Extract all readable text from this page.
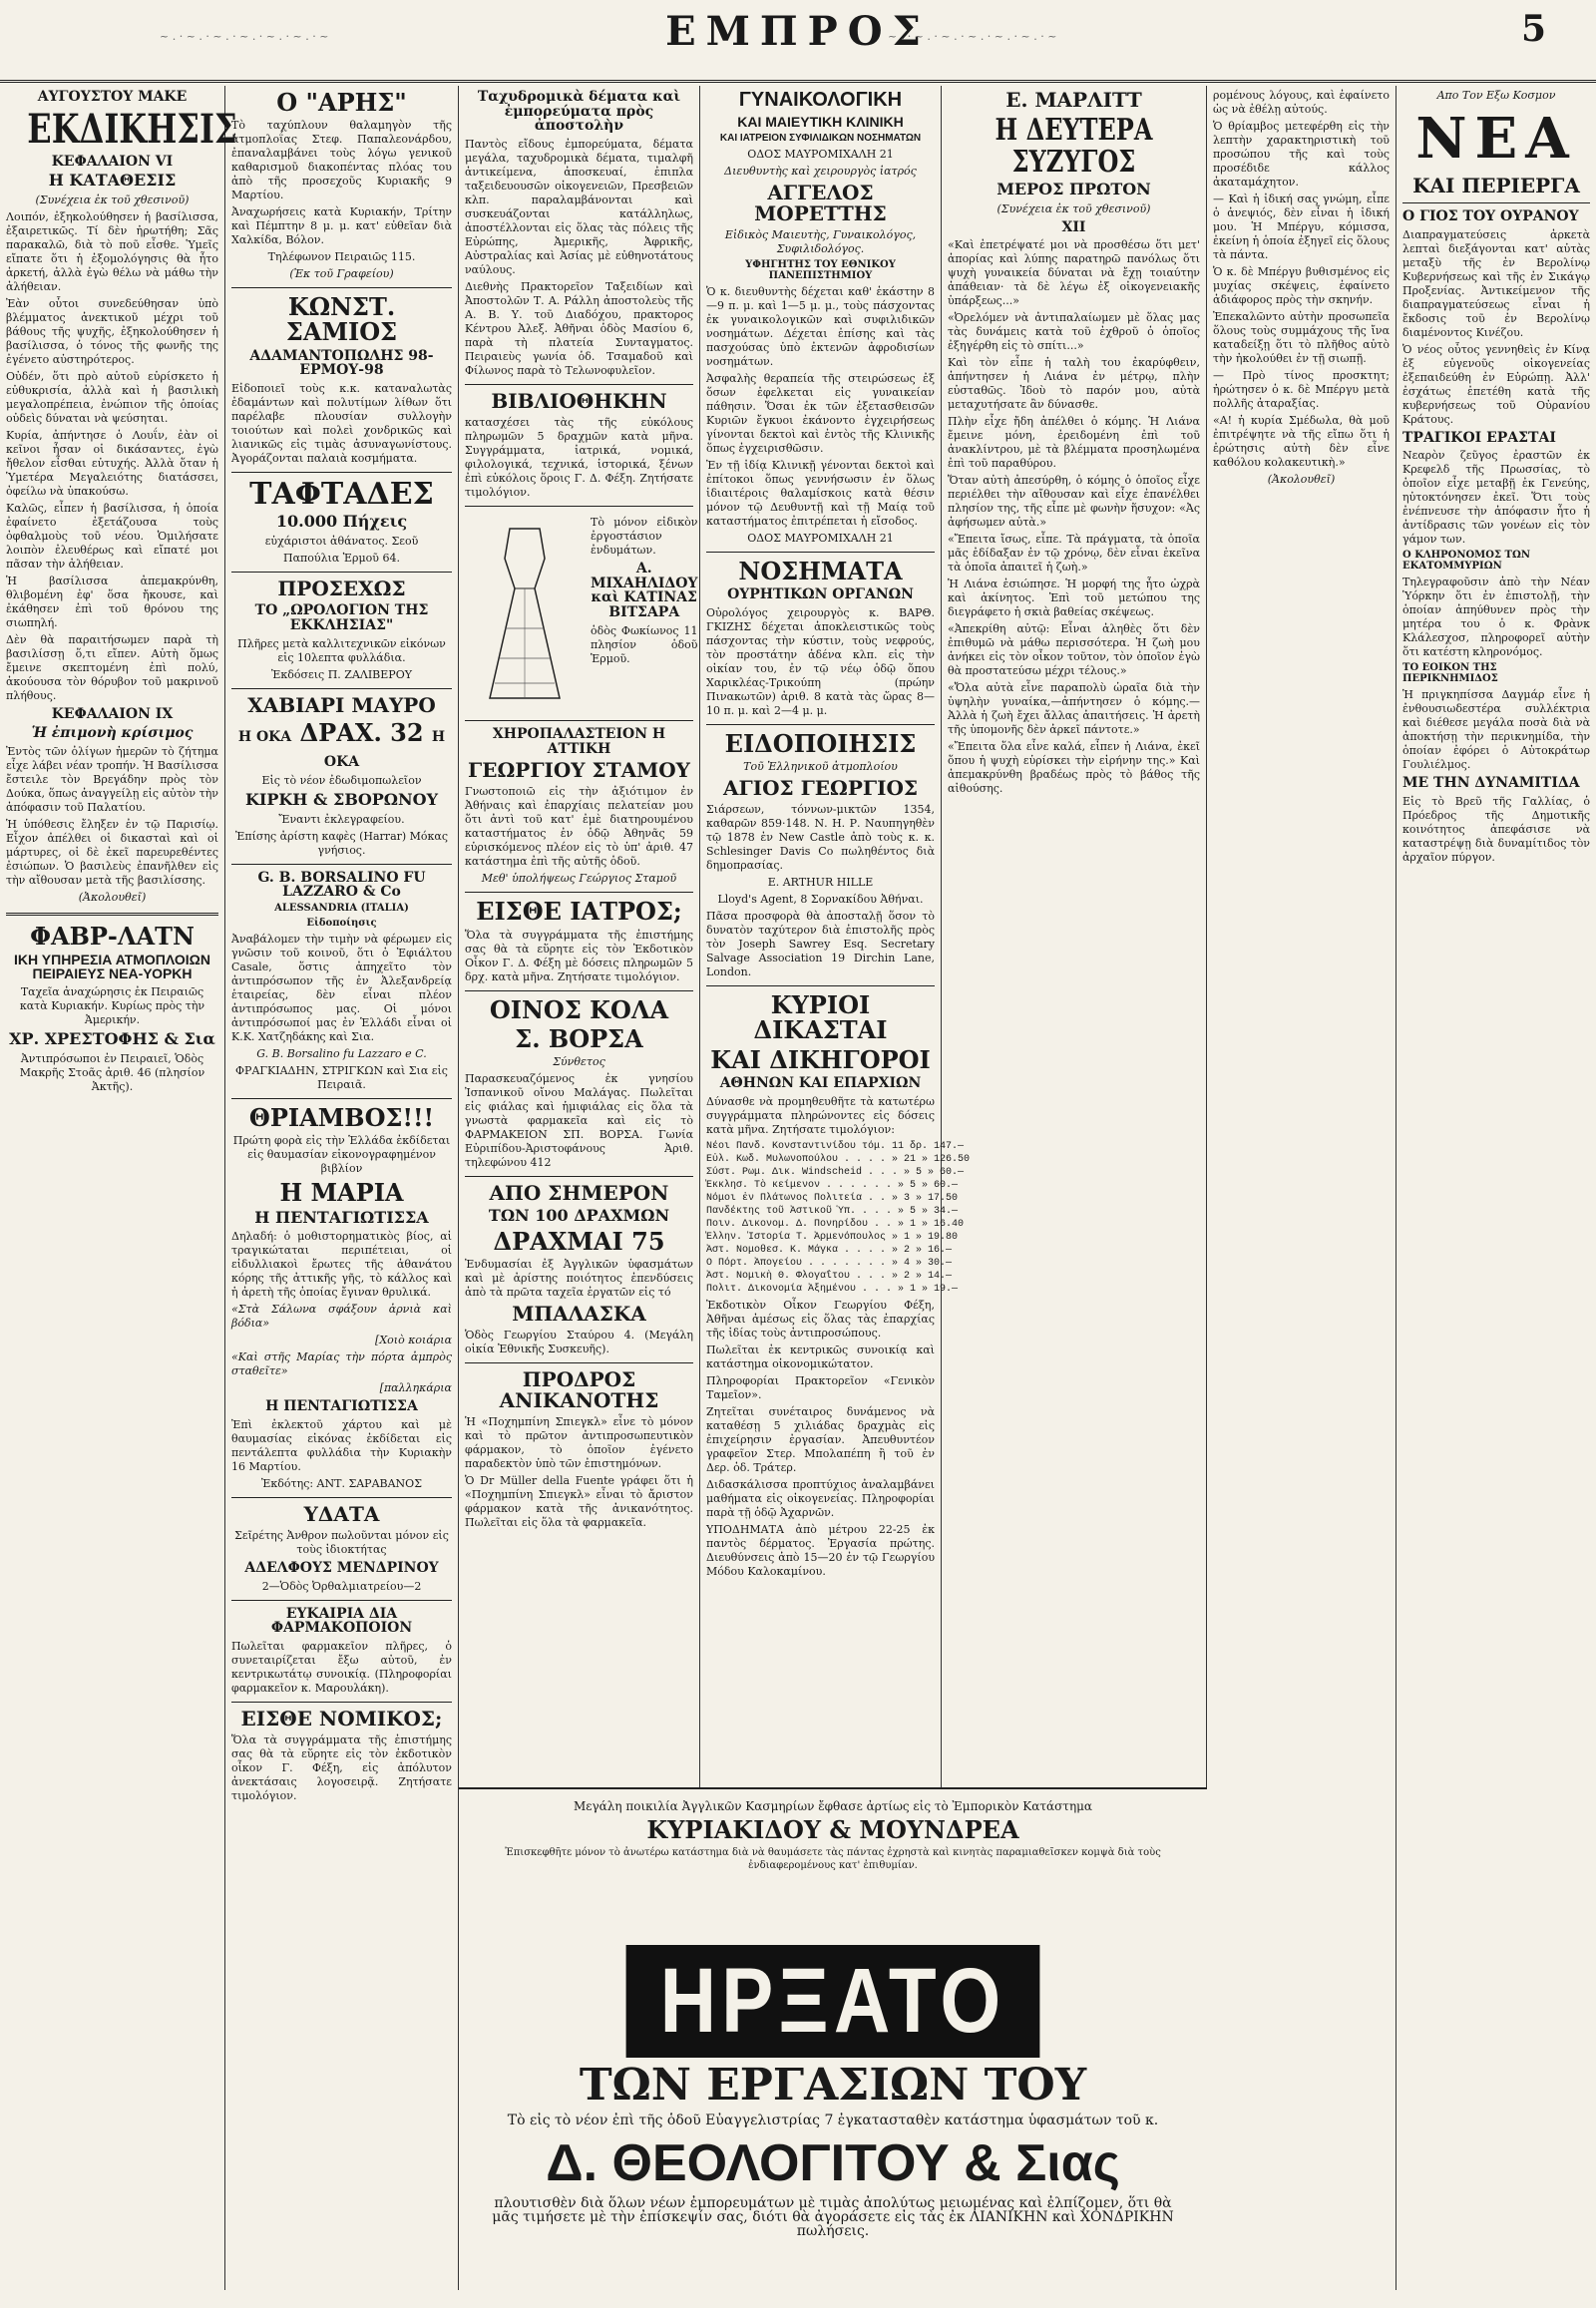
~ . · ~ . · ~ . · ~ . · ~ . · ~ . · ~	ΕΜΠΡΟΣ
~ . · ~ . · ~ . · ~ . · ~ . · ~ . · ~	5
ΑΥΓΟΥΣΤΟΥ ΜΑΚΕ
ΕΚΔΙΚΗΣΙΣ
ΚΕΦΑΛΑΙΟΝ VI
Η ΚΑΤΑΘΕΣΙΣ

(Συνέχεια ἐκ τοῦ χθεσινοῦ)

Λοιπόν, ἐξηκολούθησεν ἡ βασίλισσα, ἐξαιρετικῶς. Τί δὲν ἠρωτήθη; Σᾶς παρακαλῶ, διὰ τὸ ποῦ εἶσθε. Ὑμεῖς εἴπατε ὅτι ἡ ἐξομολόγησις θὰ ἦτο ἀρκετή, ἀλλὰ ἐγὼ θέλω νὰ μάθω τὴν ἀλήθειαν.

Ἐὰν οὗτοι συνεδεύθησαν ὑπὸ βλέμματος ἀνεκτικοῦ μέχρι τοῦ βάθους τῆς ψυχῆς, ἐξηκολούθησεν ἡ βασίλισσα, ὁ τόνος τῆς φωνῆς της ἐγένετο αὐστηρότερος.

Οὐδέν, ὅτι πρὸ αὐτοῦ εὑρίσκετο ἡ εὐθυκρισία, ἀλλὰ καὶ ἡ βασιλικὴ μεγαλοπρέπεια, ἐνώπιον τῆς ὁποίας οὐδεὶς δύναται νὰ ψεύσηται.

Κυρία, ἀπήντησε ὁ Λουΐν, ἐὰν οἱ κεῖνοι ἦσαν οἱ δικάσαντες, ἐγὼ ἤθελον εἶσθαι εὐτυχής. Ἀλλὰ ὅταν ἡ Ὑμετέρα Μεγαλειότης διατάσσει, ὀφείλω νὰ ὑπακούσω.

Καλῶς, εἶπεν ἡ βασίλισσα, ἡ ὁποία ἐφαίνετο ἐξετάζουσα τοὺς ὀφθαλμοὺς τοῦ νέου. Ὁμιλήσατε λοιπὸν ἐλευθέρως καὶ εἴπατέ μοι πᾶσαν τὴν ἀλήθειαν.

Ἡ βασίλισσα ἀπεμακρύνθη, θλιβομένη ἐφ' ὅσα ἤκουσε, καὶ ἐκάθησεν ἐπὶ τοῦ θρόνου της σιωπηλή.

Δὲν θὰ παραιτήσωμεν παρὰ τὴ βασιλίσσῃ ὅ,τι εἴπεν. Αὐτὴ ὅμως ἔμεινε σκεπτομένη ἐπὶ πολύ, ἀκούουσα τὸν θόρυβον τοῦ μακρινοῦ πλήθους.

ΚΕΦΑΛΑΙΟΝ IX
Ἡ ἐπιμονὴ κρίσιμος

Ἐντὸς τῶν ὀλίγων ἡμερῶν τὸ ζήτημα εἶχε λάβει νέαν τροπήν. Ἡ Βασίλισσα ἔστειλε τὸν Βρεγάδην πρὸς τὸν Δούκα, ὅπως ἀναγγείλῃ εἰς αὐτὸν τὴν ἀπόφασιν τοῦ Παλατίου.

Ἡ ὑπόθεσις ἔληξεν ἐν τῷ Παρισίῳ. Εἶχον ἀπέλθει οἱ δικασταὶ καὶ οἱ μάρτυρες, οἱ δὲ ἐκεῖ παρευρεθέντες ἐσιώπων. Ὁ βασιλεὺς ἐπανῆλθεν εἰς τὴν αἴθουσαν μετὰ τῆς βασιλίσσης.

(Ἀκολουθεῖ)

ΦΑΒΡ-ΛΑΤΝ
ΙΚΗ ΥΠΗΡΕΣΙΑ ΑΤΜΟΠΛΟΙΩΝ ΠΕΙΡΑΙΕΥΣ ΝΕΑ-ΥΟΡΚΗ

Ταχεῖα ἀναχώρησις ἐκ Πειραιῶς κατὰ Κυριακήν. Κυρίως πρὸς τὴν Ἀμερικήν.

ΧΡ. ΧΡΕΣΤΟΦΗΣ & Σια

Ἀντιπρόσωποι ἐν Πειραιεῖ, Ὁδὸς Μακρῆς Στοᾶς ἀριθ. 46 (πλησίον Ἀκτῆς).

Ο "ΑΡΗΣ"

Τὸ ταχύπλουν θαλαμηγὸν τῆς ἀτμοπλοΐας Στεφ. Παπαλεονάρδου, ἐπαναλαμβάνει τοὺς λόγω γενικοῦ καθαρισμοῦ διακοπέντας πλόας του ἀπὸ τῆς προσεχοῦς Κυριακῆς 9 Μαρτίου.

Ἀναχωρήσεις κατὰ Κυριακήν, Τρίτην καὶ Πέμπτην 8 μ. μ. κατ' εὐθεῖαν διὰ Χαλκίδα, Βόλον.

Τηλέφωνον Πειραιῶς 115.

(Ἐκ τοῦ Γραφείου)

ΚΩΝΣΤ. ΣΑΜΙΟΣ
ΑΔΑΜΑΝΤΟΠΩΛΗΣ 98-ΕΡΜΟΥ-98

Εἰδοποιεῖ τοὺς κ.κ. καταναλωτὰς ἐδαμάντων καὶ πολυτίμων λίθων ὅτι παρέλαβε πλουσίαν συλλογὴν τοιούτων καὶ πολεὶ χονδρικῶς καὶ λιανικῶς εἰς τιμὰς ἀσυναγωνίστους. Ἀγοράζονται παλαιὰ κοσμήματα.

ΤΑΦΤΑΔΕΣ
10.000 Πήχεις

εὐχάριστοι ἀθάνατος. Σεοῦ

Παπούλια Ἑρμοῦ 64.

ΠΡΟΣΕΧΩΣ
ΤΟ „ΩΡΟΛΟΓΙΟΝ ΤΗΣ ΕΚΚΛΗΣΙΑΣ"

Πλῆρες μετὰ καλλιτεχνικῶν εἰκόνων εἰς 10λεπτα φυλλάδια.

Ἐκδόσεις Π. ΖΑΛΙΒΕΡΟΥ

ΧΑΒΙΑΡΙ ΜΑΥΡΟ
Η ΟΚΑ ΔΡΑΧ. 32 Η ΟΚΑ

Εἰς τὸ νέον ἐδωδιμοπωλεῖον

ΚΙΡΚΗ & ΣΒΟΡΩΝΟΥ

Ἔναντι ἐκλεγραφείου.

Ἐπίσης ἀρίστη καφὲς (Harrar) Μόκας γνήσιος.

G. B. BORSALINO FU LAZZARO & Co
ALESSANDRIA (ITALIA)
Εἰδοποίησις

Ἀναβάλομεν τὴν τιμὴν νὰ φέρωμεν εἰς γνῶσιν τοῦ κοινοῦ, ὅτι ὁ Ἐφιάλτου Casale, ὅστις ἀπηχεῖτο τὸν ἀντιπρόσωπον τῆς ἐν Ἀλεξανδρείᾳ ἑταιρείας, δὲν εἶναι πλέον ἀντιπρόσωπος μας. Οἱ μόνοι ἀντιπρόσωποί μας ἐν Ἑλλάδι εἶναι οἱ Κ.Κ. Χατζηδάκης καὶ Σια.

G. B. Borsalino fu Lazzaro e C.

ΦΡΑΓΚΙΑΔΗΝ, ΣΤΡΙΓΚΩΝ καὶ Σια εἰς Πειραιᾶ.

ΘΡΙΑΜΒΟΣ!!!

Πρώτη φορὰ εἰς τὴν Ἑλλάδα ἐκδίδεται εἰς θαυμασίαν εἰκονογραφημένον βιβλίον

Η ΜΑΡΙΑ
Η ΠΕΝΤΑΓΙΩΤΙΣΣΑ

Δηλαδή: ὁ μοθιστορηματικὸς βίος, αἱ τραγικώταται περιπέτειαι, οἱ εἰδυλλιακοὶ ἔρωτες τῆς ἀθανάτου κόρης τῆς ἀττικῆς γῆς, τὸ κάλλος καὶ ἡ ἀρετὴ τῆς ὁποίας ἔγιναν θρυλικά.

«Στὰ Σάλωνα σφάξουν ἀρνιὰ καὶ βόδια»

[Χοιὸ κοιάρια

«Καὶ στῆς Μαρίας τὴν πόρτα ἀμπρὸς σταθεῖτε»

[παλληκάρια

Η ΠΕΝΤΑΓΙΩΤΙΣΣΑ

Ἐπὶ ἐκλεκτοῦ χάρτου καὶ μὲ θαυμασίας εἰκόνας ἐκδίδεται εἰς πεντάλεπτα φυλλάδια τὴν Κυριακὴν 16 Μαρτίου.

Ἐκδότης: ΑΝΤ. ΣΑΡΑΒΑΝΟΣ

ΥΔΑΤΑ

Σεῖρέτης Ἀνθρον πωλοῦνται μόνον εἰς τοὺς ἰδιοκτήτας

ΑΔΕΛΦΟΥΣ ΜΕΝΔΡΙΝΟΥ

2—Ὁδὸς Ὀρθαλμιατρείου—2

ΕΥΚΑΙΡΙΑ ΔΙΑ ΦΑΡΜΑΚΟΠΟΙΟΝ

Πωλεῖται φαρμακεῖον πλῆρες, ὁ συνεταιρίζεται ἔξω αὐτοῦ, ἐν κεντρικωτάτῳ συνοικίᾳ. (Πληροφορίαι φαρμακεῖον κ. Μαρουλάκη).

ΕΙΣΘΕ ΝΟΜΙΚΟΣ;

Ὅλα τὰ συγγράμματα τῆς ἐπιστήμης σας θὰ τὰ εὕρητε εἰς τὸν ἐκδοτικὸν οἶκον Γ. Φέξη, εἰς ἀπόλυτον ἀνεκτάσαις λογοσειρᾷ. Ζητήσατε τιμολόγιον.

Ταχυδρομικὰ δέματα καὶ ἐμπορεύματα πρὸς ἀποστολὴν

Παντὸς εἴδους ἐμπορεύματα, δέματα μεγάλα, ταχυδρομικὰ δέματα, τιμαλφῆ ἀντικείμενα, ἀποσκευαί, ἐπιπλα ταξειδευουσῶν οἰκογενειῶν, Πρεσβειῶν κλπ. παραλαμβάνονται καὶ συσκευάζονται κατάλληλως, ἀποστέλλονται εἰς ὅλας τὰς πόλεις τῆς Εὐρώπης, Ἀμερικῆς, Ἀφρικῆς, Αὐστραλίας καὶ Ἀσίας μὲ εὐθηνοτάτους ναύλους.

Διεθνὴς Πρακτορεῖον Ταξειδίων καὶ Ἀποστολῶν Τ. Α. Ράλλη ἀποστολεὺς τῆς Α. Β. Υ. τοῦ Διαδόχου, πρακτορος Κέντρου Ἀλεξ. Ἀθῆναι ὁδὸς Μασίου 6, παρὰ τὴ πλατεία Συνταγματος. Πειραιεὺς γωνία ὁδ. Τσαμαδοῦ καὶ Φίλωνος παρὰ τὸ Τελωνοφυλεῖον.

ΒΙΒΛΙΟΘΗΚΗΝ

κατασχέσει τὰς τῆς εὐκόλους πληρωμῶν 5 δραχμῶν κατὰ μῆνα. Συγγράμματα, ἰατρικά, νομικά, φιλολογικά, τεχνικά, ἱστορικά, ξένων ἐπὶ εὐκόλοις ὅροις Γ. Δ. Φέξη. Ζητήσατε τιμολόγιον.

Τὸ μόνον εἰδικὸν ἐργοστάσιον ἐνδυμάτων.

Α. ΜΙΧΑΗΛΙΔΟΥ καὶ ΚΑΤΙΝΑΣ ΒΙΤΣΑΡΑ

ὁδὸς Φωκίωνος 11 πλησίον ὁδοῦ Ἑρμοῦ.

ΧΗΡΟΠΑΛΑΣΤΕΙΟΝ Η ΑΤΤΙΚΗ
ΓΕΩΡΓΙΟΥ ΣΤΑΜΟΥ

Γνωστοποιῶ εἰς τὴν ἀξιότιμον ἐν Ἀθήναις καὶ ἐπαρχίαις πελατείαν μου ὅτι ἀντὶ τοῦ κατ' ἐμὲ διατηρουμένου καταστήματος ἐν ὁδῷ Ἀθηνᾶς 59 εὑρισκόμενος πλέον εἰς τὸ ὑπ' ἀριθ. 47 κατάστημα ἐπὶ τῆς αὐτῆς ὁδοῦ.

Μεθ' ὑπολήψεως Γεώργιος Σταμοῦ

ΕΙΣΘΕ ΙΑΤΡΟΣ;

Ὅλα τὰ συγγράμματα τῆς ἐπιστήμης σας θὰ τὰ εὕρητε εἰς τὸν Ἐκδοτικὸν Οἶκον Γ. Δ. Φέξη μὲ δόσεις πληρωμῶν 5 δρχ. κατὰ μῆνα. Ζητήσατε τιμολόγιον.

ΟΙΝΟΣ ΚΟΛΑ
Σ. ΒΟΡΣΑ

Σύνθετος

Παρασκευαζόμενος ἐκ γνησίου Ἰσπανικοῦ οἴνου Μαλάγας. Πωλεῖται εἰς φιάλας καὶ ἡμιφιάλας εἰς ὅλα τὰ γνωστὰ φαρμακεῖα καὶ εἰς τὸ ΦΑΡΜΑΚΕΙΟΝ ΣΠ. ΒΟΡΣΑ. Γωνία Εὐριπίδου-Ἀριστοφάνους Ἀριθ. τηλεφώνου 412

ΑΠΟ ΣΗΜΕΡΟΝ
ΤΩΝ 100 ΔΡΑΧΜΩΝ
ΔΡΑΧΜΑΙ 75

Ἐνδυμασίαι ἐξ Ἀγγλικῶν ὑφασμάτων καὶ μὲ ἀρίστης ποιότητος ἐπενδύσεις ἀπὸ τὰ πρῶτα ταχεῖα ἐργατῶν εἰς τό

ΜΠΑΛΑΣΚΑ

Ὁδὸς Γεωργίου Σταύρου 4. (Μεγάλη οἰκία Ἐθνικῆς Συσκευῆς).

ΠΡΟΔΡΟΣ ΑΝΙΚΑΝΟΤΗΣ

Ἡ «Ποχημπίνη Σπιεγκλ» εἶνε τὸ μόνον καὶ τὸ πρῶτον ἀντιπροσωπευτικὸν φάρμακον, τὸ ὁποῖον ἐγένετο παραδεκτὸν ὑπὸ τῶν ἐπιστημόνων.

Ὁ Dr Müller della Fuente γράφει ὅτι ἡ «Ποχημπίνη Σπιεγκλ» εἶναι τὸ ἄριστον φάρμακον κατὰ τῆς ἀνικανότητος. Πωλεῖται εἰς ὅλα τὰ φαρμακεῖα.

ΓΥΝΑΙΚΟΛΟΓΙΚΗ
ΚΑΙ ΜΑΙΕΥΤΙΚΗ ΚΛΙΝΙΚΗ
ΚΑΙ ΙΑΤΡΕΙΟΝ ΣΥΦΙΛΙΔΙΚΩΝ ΝΟΣΗΜΑΤΩΝ

ΟΔΟΣ ΜΑΥΡΟΜΙΧΑΛΗ 21

Διευθυντὴς καὶ χειρουργὸς ἰατρός

ΑΓΓΕΛΟΣ ΜΟΡΕΤΤΗΣ

Εἰδικὸς Μαιευτὴς, Γυναικολόγος, Συφιλιδολόγος.

ΥΦΗΓΗΤΗΣ ΤΟΥ ΕΘΝΙΚΟΥ ΠΑΝΕΠΙΣΤΗΜΙΟΥ

Ὁ κ. διευθυντὴς δέχεται καθ' ἑκάστην 8—9 π. μ. καὶ 1—5 μ. μ., τοὺς πάσχοντας ἐκ γυναικολογικῶν καὶ συφιλιδικῶν νοσημάτων. Δέχεται ἐπίσης καὶ τὰς πασχούσας ὑπὸ ἐκτενῶν ἀφροδισίων νοσημάτων.

Ἀσφαλὴς θεραπεία τῆς στειρώσεως ἐξ ὅσων ἐφελκεται εἰς γυναικείαν πάθησιν. Ὅσαι ἐκ τῶν ἐξετασθεισῶν Κυριῶν ἔγκυοι ἐκάνοντο ἐγχειρήσεως γίνονται δεκτοὶ καὶ ἐντὸς τῆς Κλινικῆς ὅπως ἐγχειρισθῶσιν.

Ἐν τῇ ἰδίᾳ Κλινικῇ γένονται δεκτοὶ καὶ ἐπίτοκοι ὅπως γεννήσωσιν ἐν ὅλως ἰδιαιτέροις θαλαμίσκοις κατὰ θέσιν μόνον τῷ Δευθυντῇ καὶ τῇ Μαίᾳ τοῦ καταστήματος ἐπιτρέπεται ἡ εἴσοδος.

ΟΔΟΣ ΜΑΥΡΟΜΙΧΑΛΗ 21

ΝΟΣΗΜΑΤΑ
ΟΥΡΗΤΙΚΩΝ ΟΡΓΑΝΩΝ

Οὐρολόγος χειρουργὸς κ. ΒΑΡΘ. ΓΚΙΖΗΣ δέχεται ἀποκλειστικῶς τοὺς πάσχοντας τὴν κύστιν, τοὺς νεφρούς, τὸν προστάτην ἀδένα κλπ. εἰς τὴν οἰκίαν του, ἐν τῷ νέῳ ὁδῷ ὅπου Χαρικλέας-Τρικούπη (πρώην Πινακωτῶν) ἀριθ. 8 κατὰ τὰς ὥρας 8—10 π. μ. καὶ 2—4 μ. μ.

ΕΙΔΟΠΟΙΗΣΙΣ

Τοῦ Ἑλληνικοῦ ἀτμοπλοίου

ΑΓΙΟΣ ΓΕΩΡΓΙΟΣ

Σιάρσεων, τόννων-μικτῶν 1354, καθαρῶν 859·148. Ν. Η. Ρ. Ναυπηγηθὲν τῷ 1878 ἐν New Castle ἀπὸ τοὺς κ. κ. Schlesinger Davis Co πωληθέντος διὰ δημοπρασίας.

E. ARTHUR HILLE

Lloyd's Agent, 8 Σορνακίδου Ἀθήναι.

Πᾶσα προσφορὰ θὰ ἀποσταλῇ ὅσον τὸ δυνατὸν ταχύτερον διὰ ἐπιστολῆς πρὸς τὸν Joseph Sawrey Esq. Secretary Salvage Association 19 Dirchin Lane, London.

ΚΥΡΙΟΙ ΔΙΚΑΣΤΑΙ
ΚΑΙ ΔΙΚΗΓΟΡΟΙ
ΑΘΗΝΩΝ ΚΑΙ ΕΠΑΡΧΙΩΝ

Δύνασθε νὰ προμηθευθῆτε τὰ κατωτέρω συγγράμματα πληρώνοντες εἰς δόσεις κατὰ μῆνα. Ζητήσατε τιμολόγιον:

Νέοι Πανδ. Κονσταντινίδου τόμ. 11 δρ. 147.—
Εὐλ. Κωδ. Μυλωνοπούλου . . . . » 21 » 126.50
Σύστ. Ρωμ. Δικ. Windscheid . . . » 5 » 60.—
Ἐκκλησ. Τὸ κείμενον . . . . . . » 5 » 60.—
Νόμοι ἐν Πλάτωνος Πολιτεία . . » 3 » 17.50
Πανδέκτης τοῦ Ἀστικοῦ Ὑπ. . . . » 5 » 34.—
Ποιν. Δικονομ. Δ. Πονηρίδου . . » 1 » 16.40
Ἐλλην. Ἰστορία Τ. Ἀρμενόπουλος » 1 » 19.80
Ἀστ. Νομοθεσ. Κ. Μάγκα . . . . » 2 » 16.—
Ο Πόρτ. Ἀπογείου . . . . . . . » 4 » 30.—
Ἀστ. Νομικὴ Θ. Φλογαΐτου . . . » 2 » 14.—
Πολιτ. Δικονομία Ἀξημένου . . . » 1 » 19.—

Ἐκδοτικὸν Οἶκον Γεωργίου Φέξη, Ἀθῆναι ἀμέσως εἰς ὅλας τὰς ἐπαρχίας τῆς ἰδίας τοὺς ἀντιπροσώπους.

Πωλεῖται ἐκ κεντρικῶς συνοικίᾳ καὶ κατάστημα οἰκονομικώτατον.

Πληροφορίαι Πρακτορεῖον «Γενικὸν Ταμεῖον».

Ζητεῖται συνέταιρος δυνάμενος νὰ καταθέσῃ 5 χιλιάδας δραχμὰς εἰς ἐπιχείρησιν ἐργασίαν. Ἀπευθυντέον γραφεῖον Στερ. Μπολαπέπη ἢ τοῦ ἐν Δερ. ὁδ. Τράτερ.

Διδασκάλισσα προπτύχιος ἀναλαμβάνει μαθήματα εἰς οἰκογενείας. Πληροφορίαι παρὰ τῇ ὁδῷ Ἀχαρνῶν.

ΥΠΟΔΗΜΑΤΑ ἀπὸ μέτρου 22-25 ἐκ παντὸς δέρματος. Ἐργασία πρώτης. Διευθύνσεις ἀπὸ 15—20 ἐν τῷ Γεωργίου Μόδου Καλοκαμίνου.

Ε. ΜΑΡΛΙΤΤ
Η ΔΕΥΤΕΡΑ ΣΥΖΥΓΟΣ
ΜΕΡΟΣ ΠΡΩΤΟΝ

(Συνέχεια ἐκ τοῦ χθεσινοῦ)

XII

«Καὶ ἐπετρέψατέ μοι νὰ προσθέσω ὅτι μετ' ἀπορίας καὶ λύπης παρατηρῶ πανόλως ὅτι ψυχὴ γυναικεία δύναται νὰ ἔχῃ τοιαύτην ἀπάθειαν· τὰ δὲ λέγω ἐξ οἰκογενειακῆς ὑπάρξεως...»

«Ὀρελόμεν νὰ ἀντιπαλαίωμεν μὲ ὅλας μας τὰς δυνάμεις κατὰ τοῦ ἐχθροῦ ὁ ὁποῖος ἐξηγέρθη εἰς τὸ σπίτι...»

Καὶ τὸν εἶπε ἡ ταλὴ του ἐκαρύφθειν, ἀπήντησεν ἡ Λιάνα ἐν μέτρῳ, πλὴν εὐσταθῶς. Ἰδοὺ τὸ παρόν μου, αὐτὰ μεταχυτήσατε ἂν δύνασθε.

Πλὴν εἶχε ἤδη ἀπέλθει ὁ κόμης. Ἡ Λιάνα ἔμεινε μόνη, ἐρειδομένη ἐπὶ τοῦ ἀνακλίντρου, μὲ τὰ βλέμματα προσηλωμένα ἐπὶ τοῦ παραθύρου.

Ὅταν αὐτὴ ἀπεσύρθη, ὁ κόμης ὁ ὁποῖος εἶχε περιέλθει τὴν αἴθουσαν καὶ εἶχε ἐπανέλθει πλησίον της, τῆς εἶπε μὲ φωνὴν ἥσυχον: «Ἀς ἀφήσωμεν αὐτὰ.»

«Ἔπειτα ἴσως, εἶπε. Τὰ πράγματα, τὰ ὁποῖα μᾶς ἐδίδαξαν ἐν τῷ χρόνῳ, δὲν εἶναι ἐκεῖνα τὰ ὁποῖα ἀπαιτεῖ ἡ ζωὴ.»

Ἡ Λιάνα ἐσιώπησε. Ἡ μορφή της ἦτο ὠχρὰ καὶ ἀκίνητος. Ἐπὶ τοῦ μετώπου της διεγράφετο ἡ σκιὰ βαθείας σκέψεως.

«Ἀπεκρίθη αὐτῷ: Εἶναι ἀληθὲς ὅτι δὲν ἐπιθυμῶ νὰ μάθω περισσότερα. Ἡ ζωὴ μου ἀνήκει εἰς τὸν οἶκον τοῦτον, τὸν ὁποῖον ἐγὼ θὰ προστατεύσω μέχρι τέλους.»

«Ὄλα αὐτὰ εἶνε παραπολὺ ὡραῖα διὰ τὴν ὑψηλὴν γυναίκα,—ἀπήντησεν ὁ κόμης.—Ἀλλὰ ἡ ζωὴ ἔχει ἄλλας ἀπαιτήσεις. Ἡ ἀρετὴ τῆς ὑπομονῆς δὲν ἀρκεῖ πάντοτε.»

«Ἔπειτα ὅλα εἶνε καλά, εἶπεν ἡ Λιάνα, ἐκεῖ ὅπου ἡ ψυχὴ εὑρίσκει τὴν εἰρήνην της.» Καὶ ἀπεμακρύνθη βραδέως πρὸς τὸ βάθος τῆς αἰθούσης.

ρομένους λόγους, καὶ ἐφαίνετο ὡς νὰ ἐθέλῃ αὐτούς.

Ὁ θρίαμβος μετεφέρθη εἰς τὴν λεπτὴν χαρακτηριστικὴ τοῦ προσώπου τῆς καὶ τοὺς προσέδιδε κάλλος ἀκαταμάχητον.

— Καὶ ἡ ἰδική σας γνώμη, εἶπε ὁ ἀνεψιός, δὲν εἶναι ἡ ἰδική μου. Ἡ Μπέργυ, κόμισσα, ἐκείνη ἡ ὁποία ἐξηγεῖ εἰς ὅλους τὰ πάντα.

Ὁ κ. δὲ Μπέργυ βυθισμένος εἰς μυχίας σκέψεις, ἐφαίνετο ἀδιάφορος πρὸς τὴν σκηνήν.

Ἐπεκαλῶντο αὐτὴν προσωπεῖα ὅλους τοὺς συμμάχους τῆς ἴνα καταδείξῃ ὅτι τὸ πλῆθος αὐτὸ τὴν ἠκολούθει ἐν τῇ σιωπῇ.

— Πρὸ τίνος προσκτητ; ἠρώτησεν ὁ κ. δὲ Μπέργυ μετὰ πολλῆς ἀταραξίας.

«Α! ἡ κυρία Σμέδωλα, θὰ μοῦ ἐπιτρέψητε νὰ τῆς εἴπω ὅτι ἡ ἐρώτησις αὐτὴ δὲν εἶνε καθόλου κολακευτικὴ.»

(Ἀκολουθεῖ)

Απο Τον Εξω Κοσμον

ΝΕΑ
ΚΑΙ ΠΕΡΙΕΡΓΑ
Ο ΓΙΟΣ ΤΟΥ ΟΥΡΑΝΟΥ

Διαπραγματεύσεις ἀρκετὰ λεπταὶ διεξάγονται κατ' αὐτὰς μεταξὺ τῆς ἐν Βερολίνῳ Κυβερνήσεως καὶ τῆς ἐν Σικάγῳ Προξενίας. Ἀντικείμενον τῆς διαπραγματεύσεως εἶναι ἡ ἔκδοσις τοῦ ἐν Βερολίνῳ διαμένοντος Κινέζου.

Ὁ νέος οὗτος γεννηθεὶς ἐν Κίνᾳ ἐξ εὐγενοῦς οἰκογενείας ἐξεπαιδεύθη ἐν Εὐρώπῃ. Ἀλλ' ἐσχάτως ἐπετέθη κατὰ τῆς κυβερνήσεως τοῦ Οὐρανίου Κράτους.

ΤΡΑΓΙΚΟΙ ΕΡΑΣΤΑΙ

Νεαρὸν ζεῦγος ἐραστῶν ἐκ Κρεφελδ τῆς Πρωσσίας, τὸ ὁποῖον εἶχε μεταβῇ ἐκ Γενεύης, ηὐτοκτόνησεν ἐκεῖ. Ὅτι τοὺς ἐνέπνευσε τὴν ἀπόφασιν ἦτο ἡ ἀντίδρασις τῶν γονέων εἰς τὸν γάμον των.

Ο ΚΛΗΡΟΝΟΜΟΣ ΤΩΝ ΕΚΑΤΟΜΜΥΡΙΩΝ

Τηλεγραφοῦσιν ἀπὸ τὴν Νέαν Ὑόρκην ὅτι ἐν ἐπιστολῇ, τὴν ὁποίαν ἀπηύθυνεν πρὸς τὴν μητέρα του ὁ κ. Φρὰνκ Κλάλεσχοσ, πληροφορεῖ αὐτὴν ὅτι κατέστη κληρονόμος.

ΤΟ ΕΟΙΚΟΝ ΤΗΣ ΠΕΡΙΚΝΗΜΙΔΟΣ

Ἡ πριγκηπίσσα Δαγμάρ εἶνε ἡ ἐνθουσιωδεστέρα συλλέκτρια καὶ διέθεσε μεγάλα ποσὰ διὰ νὰ ἀποκτήσῃ τὴν περικνημίδα, τὴν ὁποίαν ἐφόρει ὁ Αὐτοκράτωρ Γουλιέλμος.

ΜΕ ΤΗΝ ΔΥΝΑΜΙΤΙΔΑ

Εἰς τὸ Βρεῦ τῆς Γαλλίας, ὁ Πρόεδρος τῆς Δημοτικῆς κοινότητος ἀπεφάσισε νὰ καταστρέψῃ διὰ δυναμίτιδος τὸν ἀρχαῖον πύργον.

Μεγάλη ποικιλία Ἀγγλικῶν Κασμηρίων ἔφθασε ἀρτίως εἰς τὸ Ἐμπορικὸν Κατάστημα

ΚΥΡΙΑΚΙΔΟΥ & ΜΟΥΝΔΡΕΑ

Ἐπισκεφθῆτε μόνον τὸ ἀνωτέρω κατάστημα διὰ νὰ θαυμάσετε τὰς πάντας ἐχρηστὰ καὶ κινητὰς παραμιαθεῖσκεν κομψὰ διὰ τοὺς ἐνδιαφερομένους κατ' ἐπιθυμίαν.

ΗΡΞΑΤΟ
ΤΩΝ ΕΡΓΑΣΙΩΝ ΤΟΥ

Τὸ εἰς τὸ νέον ἐπὶ τῆς ὁδοῦ Εὐαγγελιστρίας 7 ἐγκατασταθὲν κατάστημα ὑφασμάτων τοῦ κ.

Δ. ΘΕΟΛΟΓΙΤΟΥ & Σιας

πλουτισθὲν διὰ ὅλων νέων ἐμπορευμάτων μὲ τιμὰς ἀπολύτως μειωμένας καὶ ἐλπίζομεν, ὅτι θὰ μᾶς τιμήσετε μὲ τὴν ἐπίσκεψίν σας, διότι θὰ ἀγοράσετε εἰς τὰς ἐκ ΛΙΑΝΙΚΗΝ καὶ ΧΟΝΔΡΙΚΗΝ πωλήσεις.
